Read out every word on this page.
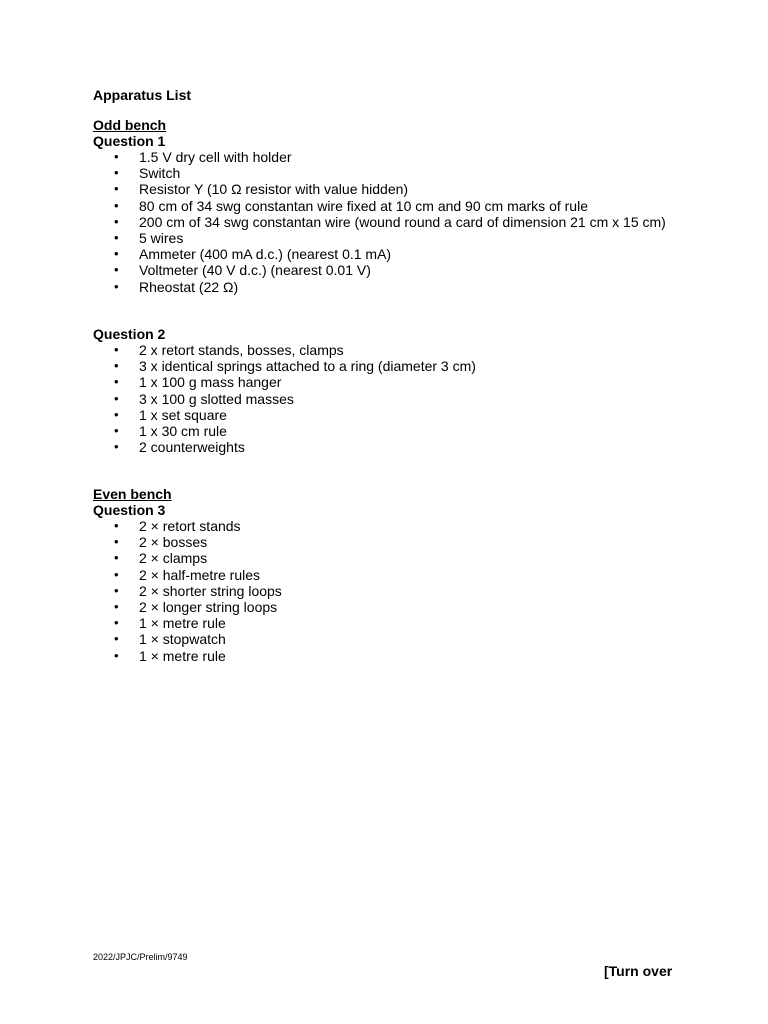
Apparatus List
Odd bench
Question 1
• 1.5 V dry cell with holder
• Switch
• Resistor Y (10 Ω resistor with value hidden)
• 80 cm of 34 swg constantan wire fixed at 10 cm and 90 cm marks of rule
• 200 cm of 34 swg constantan wire (wound round a card of dimension 21 cm x 15 cm)
• 5 wires
• Ammeter (400 mA d.c.) (nearest 0.1 mA)
• Voltmeter (40 V d.c.) (nearest 0.01 V)
• Rheostat (22 Ω)
Question 2
• 2 x retort stands, bosses, clamps
• 3 x identical springs attached to a ring (diameter 3 cm)
• 1 x 100 g mass hanger
• 3 x 100 g slotted masses
• 1 x set square
• 1 x 30 cm rule
• 2 counterweights
Even bench
Question 3
• 2 × retort stands
• 2 × bosses
• 2 × clamps
• 2 × half-metre rules
• 2 × shorter string loops
• 2 × longer string loops
• 1 × metre rule
• 1 × stopwatch
• 1 × metre rule
2022/JPJC/Prelim/9749
[Turn over
